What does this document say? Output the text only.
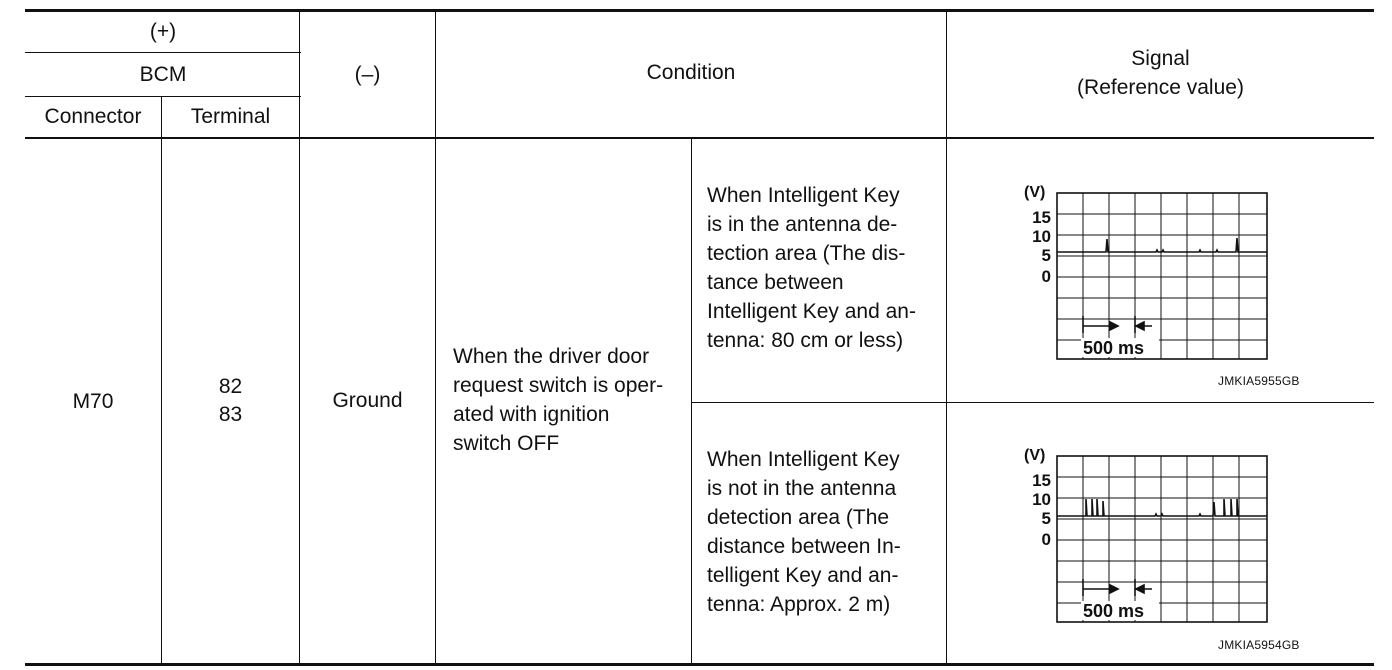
(+)
BCM
Connector	Terminal
(–)	Condition
Signal
(Reference value)
M70
82
83
Ground
When the driver door
request switch is oper-
ated with ignition
switch OFF
When Intelligent Key
is in the antenna de-
tection area (The dis-
tance between
Intelligent Key and an-
tenna: 80 cm or less)
When Intelligent Key
is not in the antenna
detection area (The
distance between In-
telligent Key and an-
tenna: Approx. 2 m)
(V)
15
10
5
0
500 ms
JMKIA5955GB
(V)
15
10
5
0
500 ms
JMKIA5954GB
